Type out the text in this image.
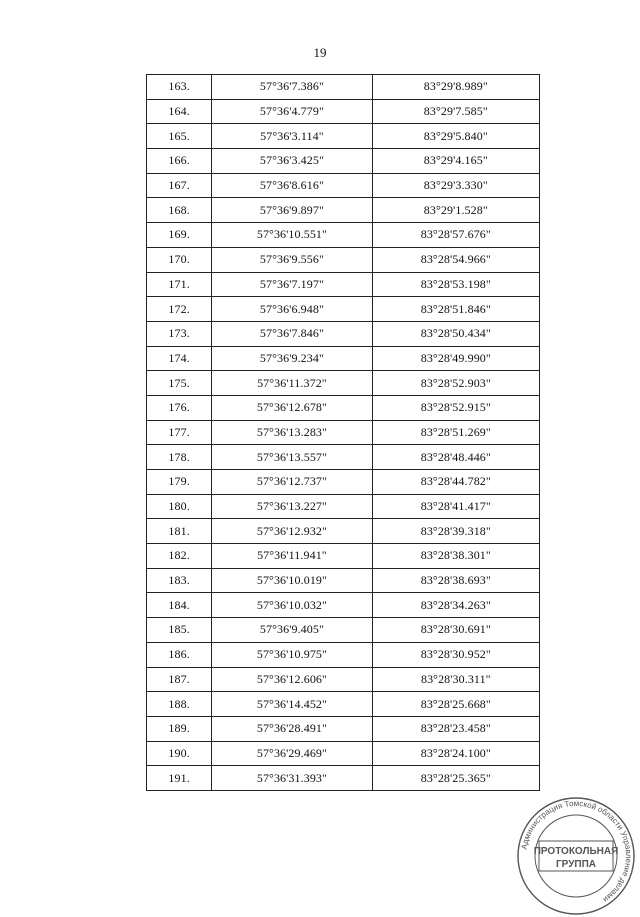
19
163.	57°36'7.386"	83°29'8.989"
164.	57°36'4.779"	83°29'7.585"
165.	57°36'3.114"	83°29'5.840"
166.	57°36'3.425"	83°29'4.165"
167.	57°36'8.616"	83°29'3.330"
168.	57°36'9.897"	83°29'1.528"
169.	57°36'10.551"	83°28'57.676"
170.	57°36'9.556"	83°28'54.966"
171.	57°36'7.197"	83°28'53.198"
172.	57°36'6.948"	83°28'51.846"
173.	57°36'7.846"	83°28'50.434"
174.	57°36'9.234"	83°28'49.990"
175.	57°36'11.372"	83°28'52.903"
176.	57°36'12.678"	83°28'52.915"
177.	57°36'13.283"	83°28'51.269"
178.	57°36'13.557"	83°28'48.446"
179.	57°36'12.737"	83°28'44.782"
180.	57°36'13.227"	83°28'41.417"
181.	57°36'12.932"	83°28'39.318"
182.	57°36'11.941"	83°28'38.301"
183.	57°36'10.019"	83°28'38.693"
184.	57°36'10.032"	83°28'34.263"
185.	57°36'9.405"	83°28'30.691"
186.	57°36'10.975"	83°28'30.952"
187.	57°36'12.606"	83°28'30.311"
188.	57°36'14.452"	83°28'25.668"
189.	57°36'28.491"	83°28'23.458"
190.	57°36'29.469"	83°28'24.100"
191.	57°36'31.393"	83°28'25.365"
Администрация Томской области Управление делами
ПРОТОКОЛЬНАЯ
ГРУППА
